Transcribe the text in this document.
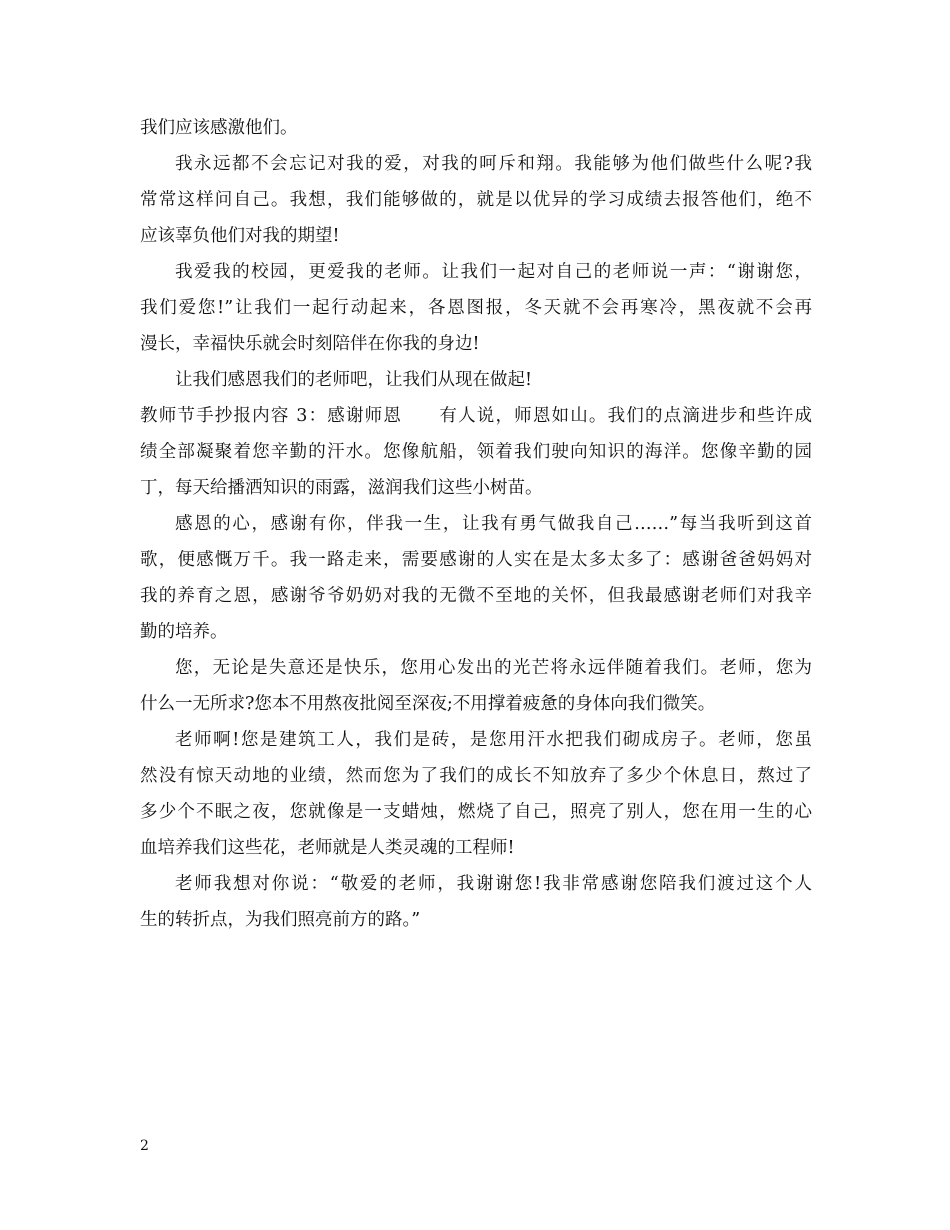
我们应该感激他们。
我永远都不会忘记对我的爱，对我的呵斥和翔。我能够为他们做些什么呢?我
常常这样问自己。我想，我们能够做的，就是以优异的学习成绩去报答他们，绝不
应该辜负他们对我的期望!
我爱我的校园，更爱我的老师。让我们一起对自己的老师说一声：“谢谢您，
我们爱您!”让我们一起行动起来，各恩图报，冬天就不会再寒冷，黑夜就不会再
漫长，幸福快乐就会时刻陪伴在你我的身边!
让我们感恩我们的老师吧，让我们从现在做起!
教师节手抄报内容 3：感谢师恩　　有人说，师恩如山。我们的点滴进步和些许成
绩全部凝聚着您辛勤的汗水。您像航船，领着我们驶向知识的海洋。您像辛勤的园
丁，每天给播洒知识的雨露，滋润我们这些小树苗。
感恩的心，感谢有你，伴我一生，让我有勇气做我自己……”每当我听到这首
歌，便感慨万千。我一路走来，需要感谢的人实在是太多太多了：感谢爸爸妈妈对
我的养育之恩，感谢爷爷奶奶对我的无微不至地的关怀，但我最感谢老师们对我辛
勤的培养。
您，无论是失意还是快乐，您用心发出的光芒将永远伴随着我们。老师，您为
什么一无所求?您本不用熬夜批阅至深夜;不用撑着疲惫的身体向我们微笑。
老师啊!您是建筑工人，我们是砖，是您用汗水把我们砌成房子。老师，您虽
然没有惊天动地的业绩，然而您为了我们的成长不知放弃了多少个休息日，熬过了
多少个不眠之夜，您就像是一支蜡烛，燃烧了自己，照亮了别人，您在用一生的心
血培养我们这些花，老师就是人类灵魂的工程师!
老师我想对你说：“敬爱的老师，我谢谢您!我非常感谢您陪我们渡过这个人
生的转折点，为我们照亮前方的路。”
2
